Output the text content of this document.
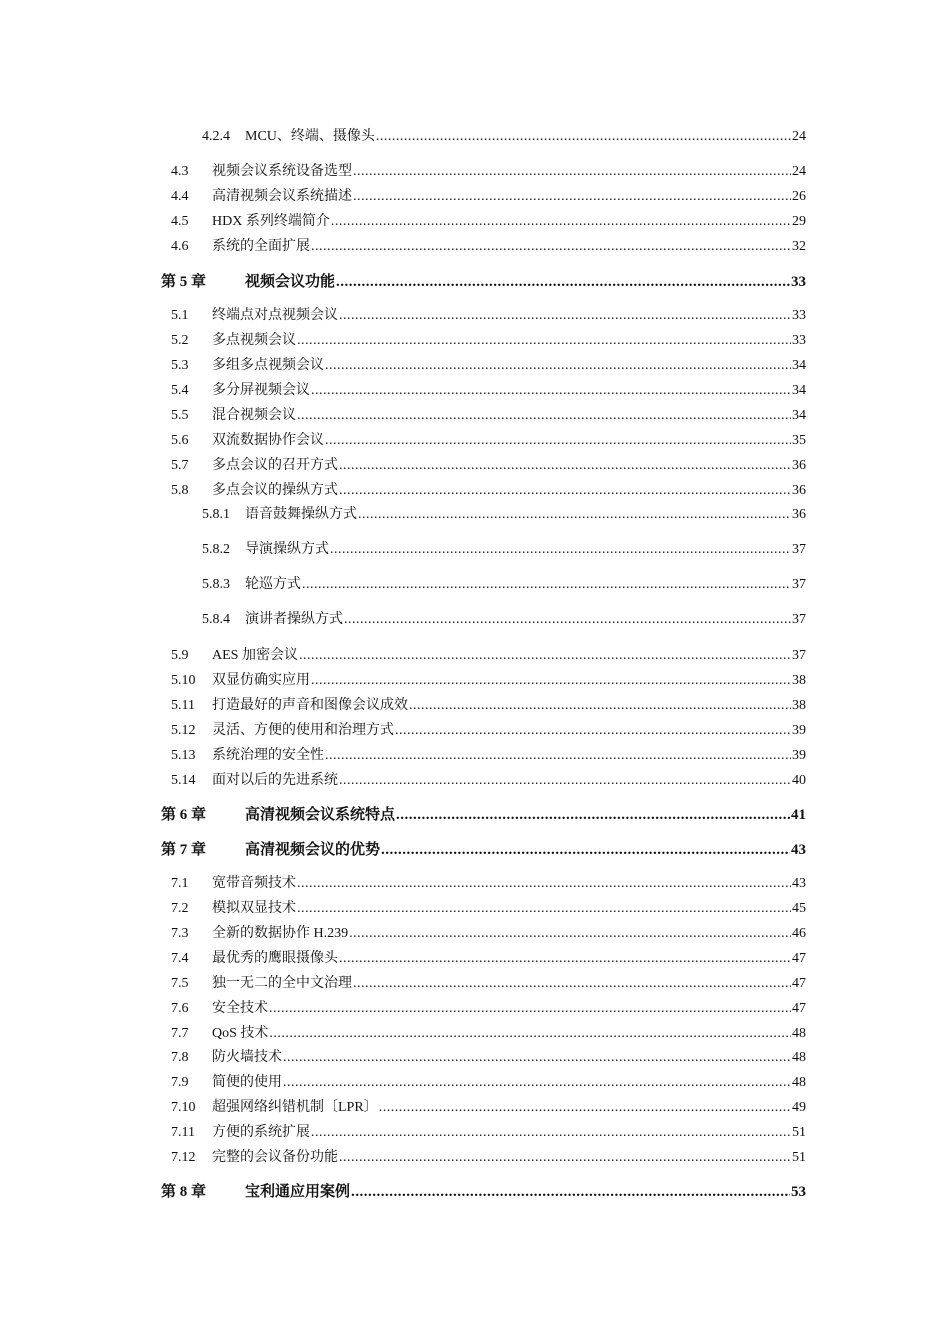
4.2.4	MCU、终端、摄像头 .....	24
4.3	视频会议系统设备选型 .....	24
4.4	高清视频会议系统描述 .....	26
4.5	HDX 系列终端简介 .....	29
4.6	系统的全面扩展 .....	32
第 5 章	视频会议功能 .....	33
5.1	终端点对点视频会议 .....	33
5.2	多点视频会议 .....	33
5.3	多组多点视频会议 .....	34
5.4	多分屏视频会议 .....	34
5.5	混合视频会议 .....	34
5.6	双流数据协作会议 .....	35
5.7	多点会议的召开方式 .....	36
5.8	多点会议的操纵方式 .....	36
5.8.1	语音鼓舞操纵方式 .....	36
5.8.2	导演操纵方式 .....	37
5.8.3	轮巡方式 .....	37
5.8.4	演讲者操纵方式 .....	37
5.9	AES 加密会议 .....	37
5.10	双显仿确实应用 .....	38
5.11	打造最好的声音和图像会议成效 .....	38
5.12	灵活、方便的使用和治理方式 .....	39
5.13	系统治理的安全性 .....	39
5.14	面对以后的先进系统 .....	40
第 6 章	高清视频会议系统特点 .....	41
第 7 章	高清视频会议的优势 .....	43
7.1	宽带音频技术 .....	43
7.2	模拟双显技术 .....	45
7.3	全新的数据协作 H.239 .....	46
7.4	最优秀的鹰眼摄像头 .....	47
7.5	独一无二的全中文治理 .....	47
7.6	安全技术 .....	47
7.7	QoS 技术 .....	48
7.8	防火墙技术 .....	48
7.9	简便的使用 .....	48
7.10	超强网络纠错机制〔LPR〕 .....	49
7.11	方便的系统扩展 .....	51
7.12	完整的会议备份功能 .....	51
第 8 章	宝利通应用案例 .....	53
